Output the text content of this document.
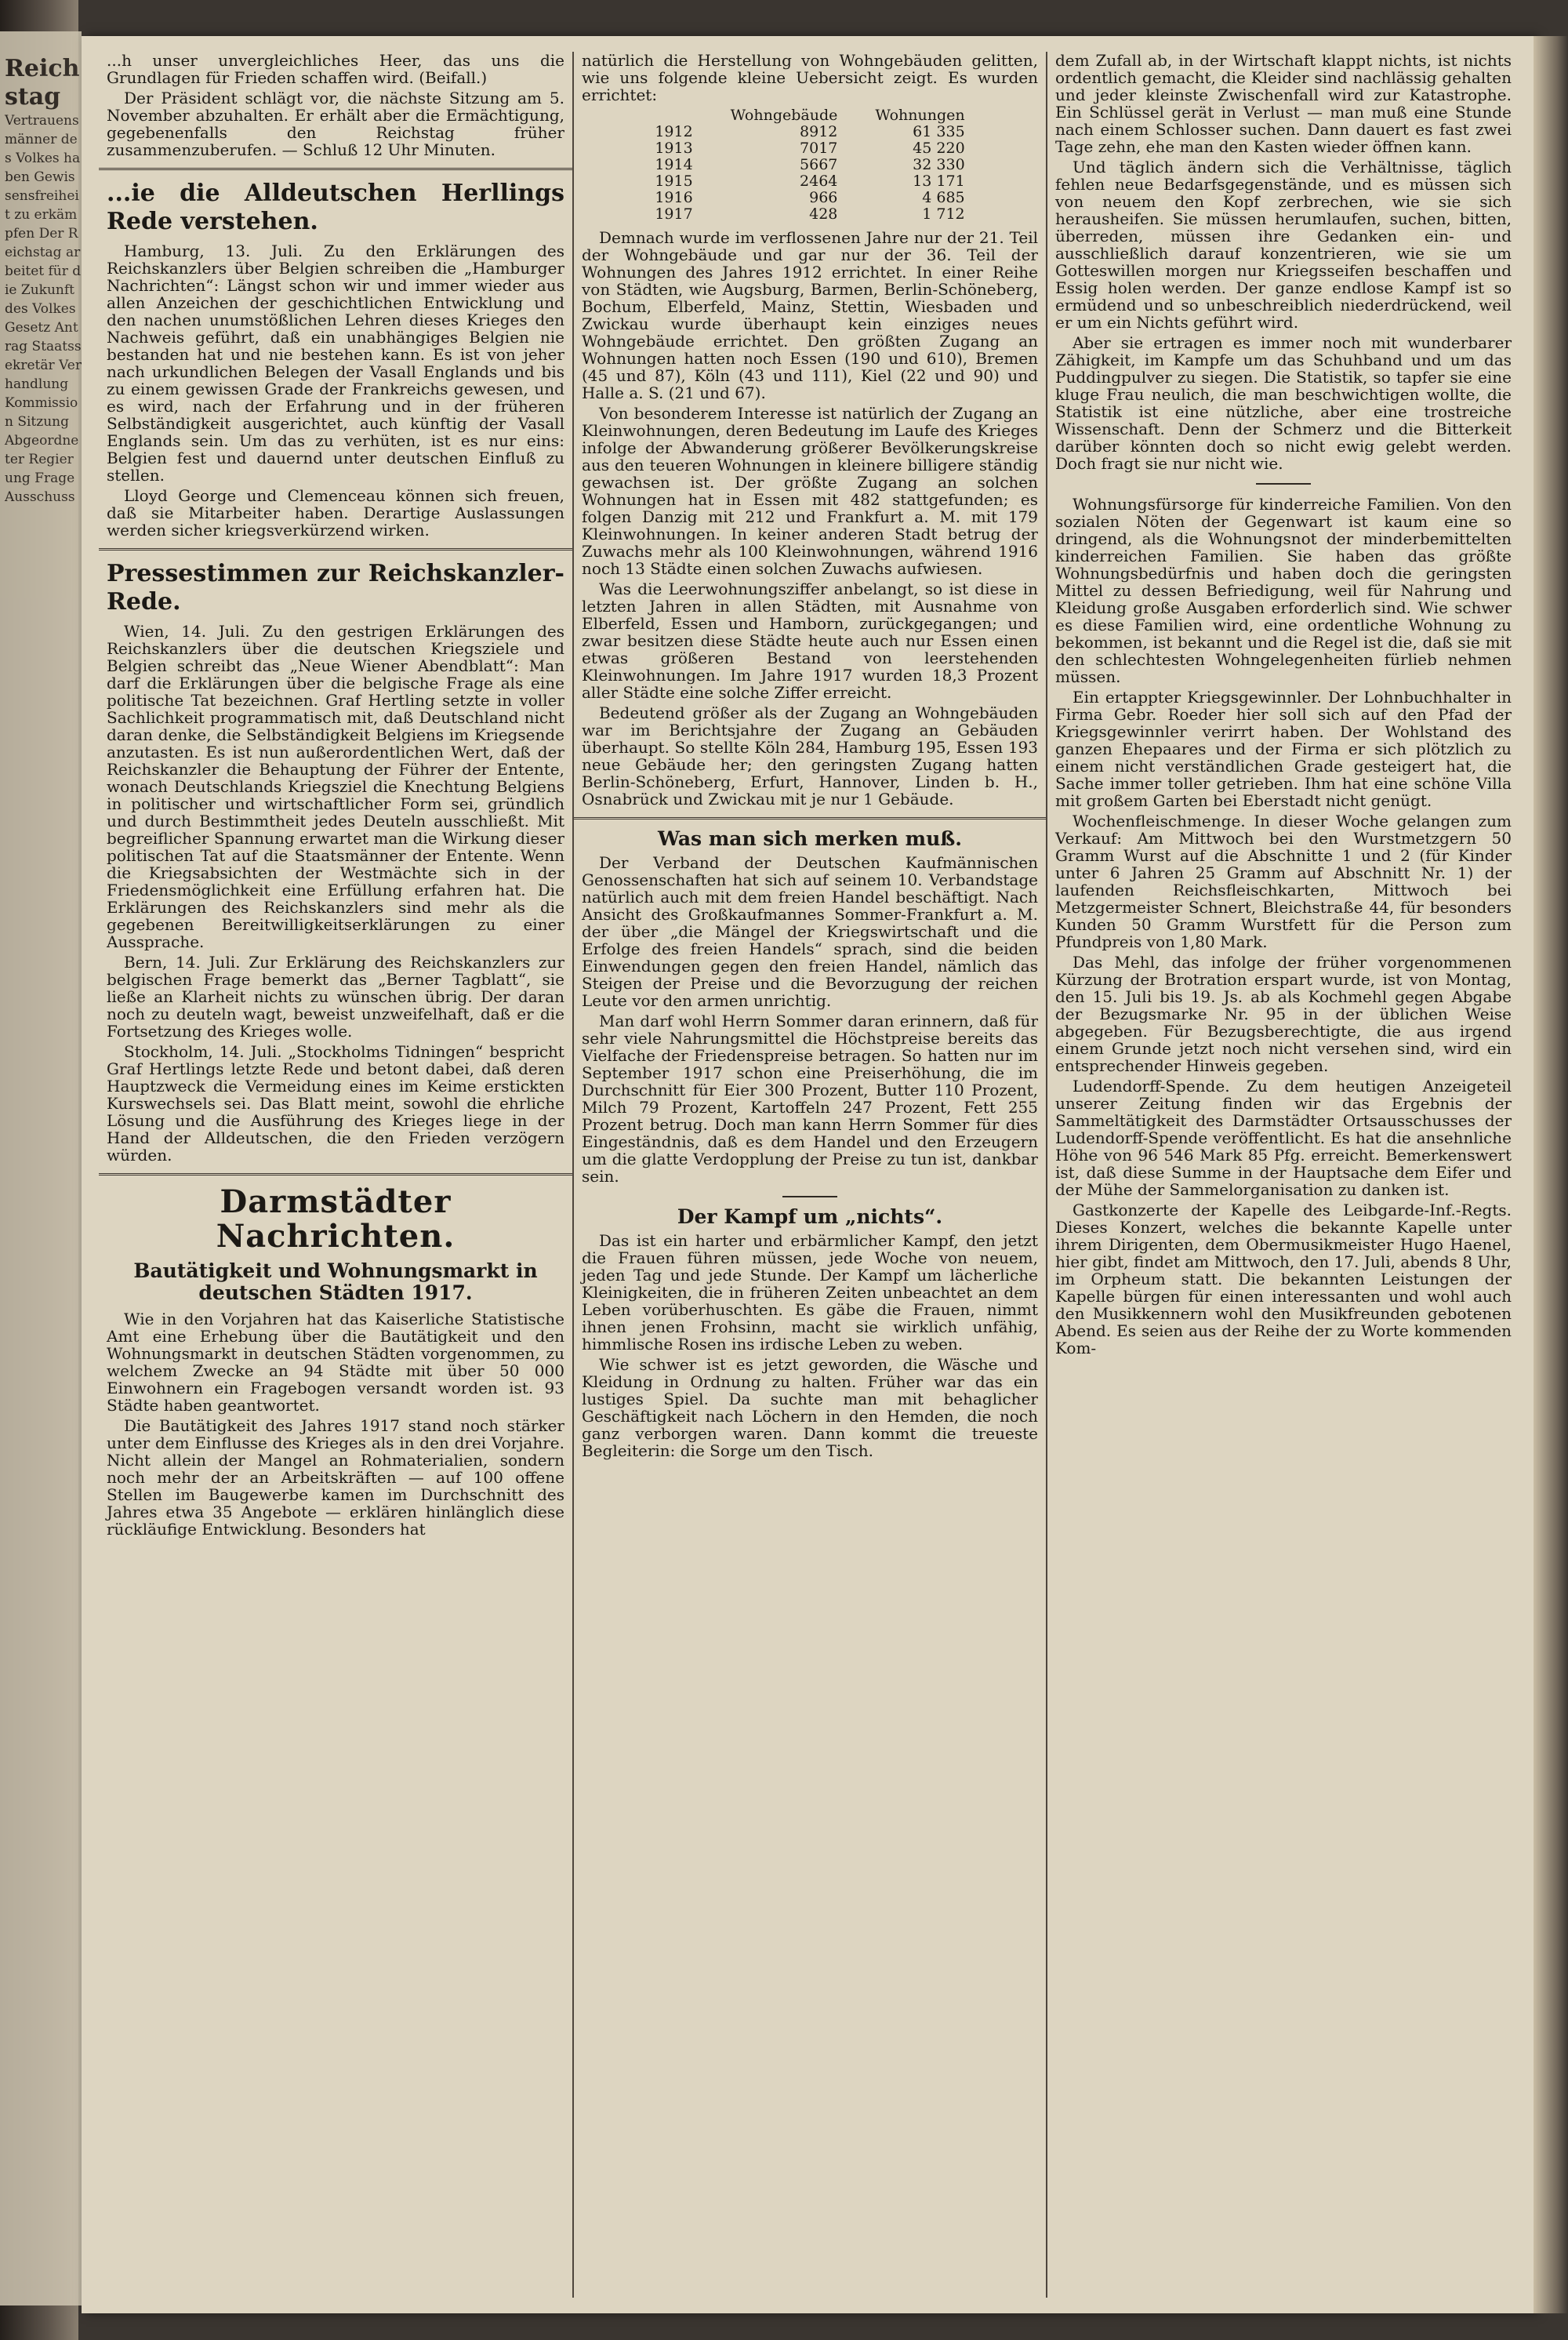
Reichstag
Vertrauensmänner des Volkes haben Gewissensfreiheit zu erkämpfen Der Reichstag arbeitet für die Zukunft des Volkes Gesetz Antrag Staatssekretär Verhandlung Kommission Sitzung Abgeordneter Regierung Frage Ausschuss

...h unser unvergleichliches Heer, das uns die Grundlagen für Frieden schaffen wird. (Beifall.)

Der Präsident schlägt vor, die nächste Sitzung am 5. November abzuhalten. Er erhält aber die Ermächtigung, gegebenenfalls den Reichstag früher zusammenzuberufen. — Schluß 12 Uhr Minuten.

...ie die Alldeutschen Herllings Rede verstehen.

Hamburg, 13. Juli. Zu den Erklärungen des Reichskanzlers über Belgien schreiben die „Hamburger Nachrichten“: Längst schon wir und immer wieder aus allen Anzeichen der geschichtlichen Entwicklung und den nachen unumstößlichen Lehren dieses Krieges den Nachweis geführt, daß ein unabhängiges Belgien nie bestanden hat und nie bestehen kann. Es ist von jeher nach urkundlichen Belegen der Vasall Englands und bis zu einem gewissen Grade der Frankreichs gewesen, und es wird, nach der Erfahrung und in der früheren Selbständigkeit ausgerichtet, auch künftig der Vasall Englands sein. Um das zu verhüten, ist es nur eins: Belgien fest und dauernd unter deutschen Einfluß zu stellen.

Lloyd George und Clemenceau können sich freuen, daß sie Mitarbeiter haben. Derartige Auslassungen werden sicher kriegsverkürzend wirken.

Pressestimmen zur Reichskanzler-Rede.

Wien, 14. Juli. Zu den gestrigen Erklärungen des Reichskanzlers über die deutschen Kriegsziele und Belgien schreibt das „Neue Wiener Abendblatt“: Man darf die Erklärungen über die belgische Frage als eine politische Tat bezeichnen. Graf Hertling setzte in voller Sachlichkeit programmatisch mit, daß Deutschland nicht daran denke, die Selbständigkeit Belgiens im Kriegsende anzutasten. Es ist nun außerordentlichen Wert, daß der Reichskanzler die Behauptung der Führer der Entente, wonach Deutschlands Kriegsziel die Knechtung Belgiens in politischer und wirtschaftlicher Form sei, gründlich und durch Bestimmtheit jedes Deuteln ausschließt. Mit begreiflicher Spannung erwartet man die Wirkung dieser politischen Tat auf die Staatsmänner der Entente. Wenn die Kriegsabsichten der Westmächte sich in der Friedensmöglichkeit eine Erfüllung erfahren hat. Die Erklärungen des Reichskanzlers sind mehr als die gegebenen Bereitwilligkeitserklärungen zu einer Aussprache.

Bern, 14. Juli. Zur Erklärung des Reichskanzlers zur belgischen Frage bemerkt das „Berner Tagblatt“, sie ließe an Klarheit nichts zu wünschen übrig. Der daran noch zu deuteln wagt, beweist unzweifelhaft, daß er die Fortsetzung des Krieges wolle.

Stockholm, 14. Juli. „Stockholms Tidningen“ bespricht Graf Hertlings letzte Rede und betont dabei, daß deren Hauptzweck die Vermeidung eines im Keime erstickten Kurswechsels sei. Das Blatt meint, sowohl die ehrliche Lösung und die Ausführung des Krieges liege in der Hand der Alldeutschen, die den Frieden verzögern würden.

Darmstädter Nachrichten.
Bautätigkeit und Wohnungsmarkt in deutschen Städten 1917.

Wie in den Vorjahren hat das Kaiserliche Statistische Amt eine Erhebung über die Bautätigkeit und den Wohnungsmarkt in deutschen Städten vorgenommen, zu welchem Zwecke an 94 Städte mit über 50 000 Einwohnern ein Fragebogen versandt worden ist. 93 Städte haben geantwortet.

Die Bautätigkeit des Jahres 1917 stand noch stärker unter dem Einflusse des Krieges als in den drei Vorjahre. Nicht allein der Mangel an Rohmaterialien, sondern noch mehr der an Arbeitskräften — auf 100 offene Stellen im Baugewerbe kamen im Durchschnitt des Jahres etwa 35 Angebote — erklären hinlänglich diese rückläufige Entwicklung. Besonders hat

natürlich die Herstellung von Wohngebäuden gelitten, wie uns folgende kleine Uebersicht zeigt. Es wurden errichtet:

	Wohngebäude	Wohnungen
1912	8912	61 335
1913	7017	45 220
1914	5667	32 330
1915	2464	13 171
1916	966	4 685
1917	428	1 712

Demnach wurde im verflossenen Jahre nur der 21. Teil der Wohngebäude und gar nur der 36. Teil der Wohnungen des Jahres 1912 errichtet. In einer Reihe von Städten, wie Augsburg, Barmen, Berlin-Schöneberg, Bochum, Elberfeld, Mainz, Stettin, Wiesbaden und Zwickau wurde überhaupt kein einziges neues Wohngebäude errichtet. Den größten Zugang an Wohnungen hatten noch Essen (190 und 610), Bremen (45 und 87), Köln (43 und 111), Kiel (22 und 90) und Halle a. S. (21 und 67).

Von besonderem Interesse ist natürlich der Zugang an Kleinwohnungen, deren Bedeutung im Laufe des Krieges infolge der Abwanderung größerer Bevölkerungskreise aus den teueren Wohnungen in kleinere billigere ständig gewachsen ist. Der größte Zugang an solchen Wohnungen hat in Essen mit 482 stattgefunden; es folgen Danzig mit 212 und Frankfurt a. M. mit 179 Kleinwohnungen. In keiner anderen Stadt betrug der Zuwachs mehr als 100 Kleinwohnungen, während 1916 noch 13 Städte einen solchen Zuwachs aufwiesen.

Was die Leerwohnungsziffer anbelangt, so ist diese in letzten Jahren in allen Städten, mit Ausnahme von Elberfeld, Essen und Hamborn, zurückgegangen; und zwar besitzen diese Städte heute auch nur Essen einen etwas größeren Bestand von leerstehenden Kleinwohnungen. Im Jahre 1917 wurden 18,3 Prozent aller Städte eine solche Ziffer erreicht.

Bedeutend größer als der Zugang an Wohngebäuden war im Berichtsjahre der Zugang an Gebäuden überhaupt. So stellte Köln 284, Hamburg 195, Essen 193 neue Gebäude her; den geringsten Zugang hatten Berlin-Schöneberg, Erfurt, Hannover, Linden b. H., Osnabrück und Zwickau mit je nur 1 Gebäude.

Was man sich merken muß.

Der Verband der Deutschen Kaufmännischen Genossenschaften hat sich auf seinem 10. Verbandstage natürlich auch mit dem freien Handel beschäftigt. Nach Ansicht des Großkaufmannes Sommer-Frankfurt a. M. der über „die Mängel der Kriegswirtschaft und die Erfolge des freien Handels“ sprach, sind die beiden Einwendungen gegen den freien Handel, nämlich das Steigen der Preise und die Bevorzugung der reichen Leute vor den armen unrichtig.

Man darf wohl Herrn Sommer daran erinnern, daß für sehr viele Nahrungsmittel die Höchstpreise bereits das Vielfache der Friedenspreise betragen. So hatten nur im September 1917 schon eine Preiserhöhung, die im Durchschnitt für Eier 300 Prozent, Butter 110 Prozent, Milch 79 Prozent, Kartoffeln 247 Prozent, Fett 255 Prozent betrug. Doch man kann Herrn Sommer für dies Eingeständnis, daß es dem Handel und den Erzeugern um die glatte Verdopplung der Preise zu tun ist, dankbar sein.

Der Kampf um „nichts“.

Das ist ein harter und erbärmlicher Kampf, den jetzt die Frauen führen müssen, jede Woche von neuem, jeden Tag und jede Stunde. Der Kampf um lächerliche Kleinigkeiten, die in früheren Zeiten unbeachtet an dem Leben vorüberhuschten. Es gäbe die Frauen, nimmt ihnen jenen Frohsinn, macht sie wirklich unfähig, himmlische Rosen ins irdische Leben zu weben.

Wie schwer ist es jetzt geworden, die Wäsche und Kleidung in Ordnung zu halten. Früher war das ein lustiges Spiel. Da suchte man mit behaglicher Geschäftigkeit nach Löchern in den Hemden, die noch ganz verborgen waren. Dann kommt die treueste Begleiterin: die Sorge um den Tisch.

dem Zufall ab, in der Wirtschaft klappt nichts, ist nichts ordentlich gemacht, die Kleider sind nachlässig gehalten und jeder kleinste Zwischenfall wird zur Katastrophe. Ein Schlüssel gerät in Verlust — man muß eine Stunde nach einem Schlosser suchen. Dann dauert es fast zwei Tage zehn, ehe man den Kasten wieder öffnen kann.

Und täglich ändern sich die Verhältnisse, täglich fehlen neue Bedarfsgegenstände, und es müssen sich von neuem den Kopf zerbrechen, wie sie sich herausheifen. Sie müssen herumlaufen, suchen, bitten, überreden, müssen ihre Gedanken ein- und ausschließlich darauf konzentrieren, wie sie um Gotteswillen morgen nur Kriegsseifen beschaffen und Essig holen werden. Der ganze endlose Kampf ist so ermüdend und so unbeschreiblich niederdrückend, weil er um ein Nichts geführt wird.

Aber sie ertragen es immer noch mit wunderbarer Zähigkeit, im Kampfe um das Schuhband und um das Puddingpulver zu siegen. Die Statistik, so tapfer sie eine kluge Frau neulich, die man beschwichtigen wollte, die Statistik ist eine nützliche, aber eine trostreiche Wissenschaft. Denn der Schmerz und die Bitterkeit darüber könnten doch so nicht ewig gelebt werden. Doch fragt sie nur nicht wie.

Wohnungsfürsorge für kinderreiche Familien. Von den sozialen Nöten der Gegenwart ist kaum eine so dringend, als die Wohnungsnot der minderbemittelten kinderreichen Familien. Sie haben das größte Wohnungsbedürfnis und haben doch die geringsten Mittel zu dessen Befriedigung, weil für Nahrung und Kleidung große Ausgaben erforderlich sind. Wie schwer es diese Familien wird, eine ordentliche Wohnung zu bekommen, ist bekannt und die Regel ist die, daß sie mit den schlechtesten Wohngelegenheiten fürlieb nehmen müssen.

Ein ertappter Kriegsgewinnler. Der Lohnbuchhalter in Firma Gebr. Roeder hier soll sich auf den Pfad der Kriegsgewinnler verirrt haben. Der Wohlstand des ganzen Ehepaares und der Firma er sich plötzlich zu einem nicht verständlichen Grade gesteigert hat, die Sache immer toller getrieben. Ihm hat eine schöne Villa mit großem Garten bei Eberstadt nicht genügt.

Wochenfleischmenge. In dieser Woche gelangen zum Verkauf: Am Mittwoch bei den Wurstmetzgern 50 Gramm Wurst auf die Abschnitte 1 und 2 (für Kinder unter 6 Jahren 25 Gramm auf Abschnitt Nr. 1) der laufenden Reichsfleischkarten, Mittwoch bei Metzgermeister Schnert, Bleichstraße 44, für besonders Kunden 50 Gramm Wurstfett für die Person zum Pfundpreis von 1,80 Mark.

Das Mehl, das infolge der früher vorgenommenen Kürzung der Brotration erspart wurde, ist von Montag, den 15. Juli bis 19. Js. ab als Kochmehl gegen Abgabe der Bezugsmarke Nr. 95 in der üblichen Weise abgegeben. Für Bezugsberechtigte, die aus irgend einem Grunde jetzt noch nicht versehen sind, wird ein entsprechender Hinweis gegeben.

Ludendorff-Spende. Zu dem heutigen Anzeigeteil unserer Zeitung finden wir das Ergebnis der Sammeltätigkeit des Darmstädter Ortsausschusses der Ludendorff-Spende veröffentlicht. Es hat die ansehnliche Höhe von 96 546 Mark 85 Pfg. erreicht. Bemerkenswert ist, daß diese Summe in der Hauptsache dem Eifer und der Mühe der Sammelorganisation zu danken ist.

Gastkonzerte der Kapelle des Leibgarde-Inf.-Regts. Dieses Konzert, welches die bekannte Kapelle unter ihrem Dirigenten, dem Obermusikmeister Hugo Haenel, hier gibt, findet am Mittwoch, den 17. Juli, abends 8 Uhr, im Orpheum statt. Die bekannten Leistungen der Kapelle bürgen für einen interessanten und wohl auch den Musikkennern wohl den Musikfreunden gebotenen Abend. Es seien aus der Reihe der zu Worte kommenden Kom-
